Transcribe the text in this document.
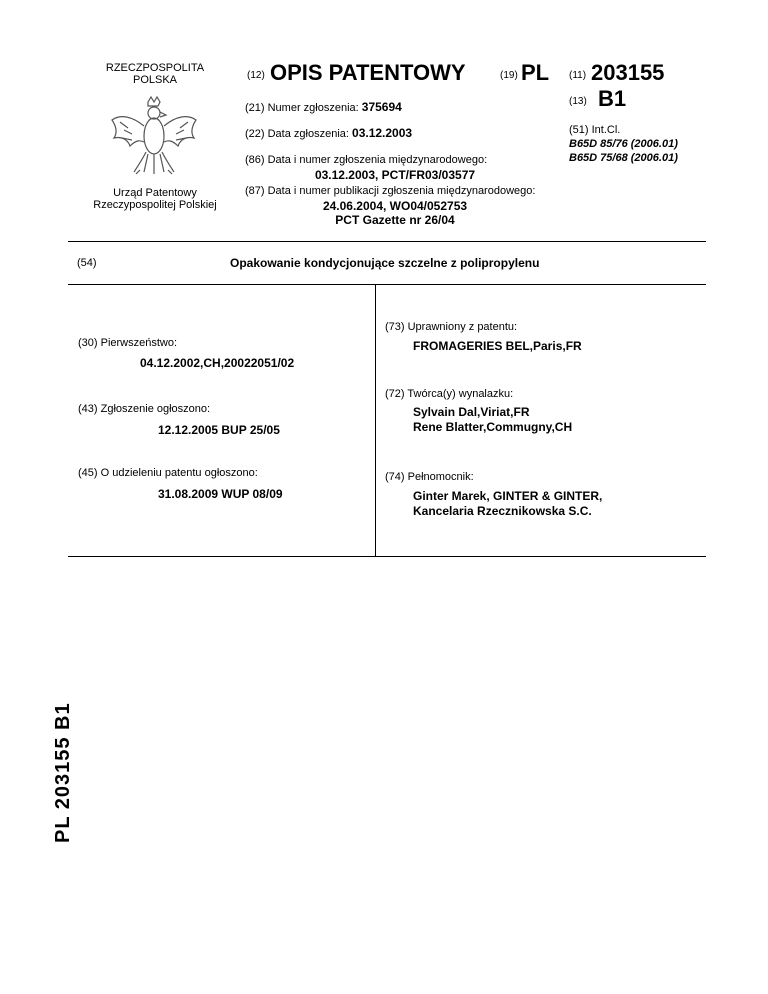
RZECZPOSPOLITA
POLSKA
Urząd Patentowy
Rzeczypospolitej Polskiej
(12) OPIS PATENTOWY	(19) PL (11) 203155
(13) B1
(21) Numer zgłoszenia: 375694
(22) Data zgłoszenia: 03.12.2003
(86) Data i numer zgłoszenia międzynarodowego:
03.12.2003, PCT/FR03/03577
(87) Data i numer publikacji zgłoszenia międzynarodowego:
24.06.2004, WO04/052753
PCT Gazette nr 26/04
(51) Int.Cl.
B65D 85/76 (2006.01)
B65D 75/68 (2006.01)
(54)	Opakowanie kondycjonujące szczelne z polipropylenu
(30) Pierwszeństwo:
04.12.2002,CH,20022051/02
(43) Zgłoszenie ogłoszono:
12.12.2005 BUP 25/05
(45) O udzieleniu patentu ogłoszono:
31.08.2009 WUP 08/09
(73) Uprawniony z patentu:
FROMAGERIES BEL,Paris,FR
(72) Twórca(y) wynalazku:
Sylvain Dal,Viriat,FR
Rene Blatter,Commugny,CH
(74) Pełnomocnik:
Ginter Marek, GINTER & GINTER,
Kancelaria Rzecznikowska S.C.
PL 203155 B1
